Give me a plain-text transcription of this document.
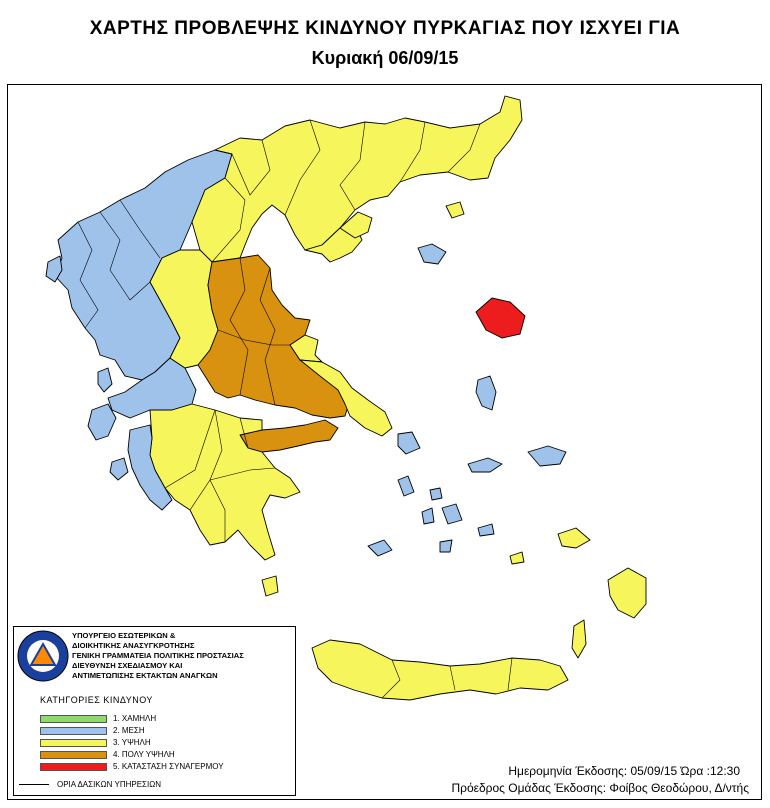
ΧΑΡΤΗΣ ΠΡΟΒΛΕΨΗΣ ΚΙΝΔΥΝΟΥ ΠΥΡΚΑΓΙΑΣ ΠΟΥ ΙΣΧΥΕΙ ΓΙΑ
Κυριακή 06/09/15
ΥΠΟΥΡΓΕΙΟ ΕΣΩΤΕΡΙΚΩΝ &
ΔΙΟΙΚΗΤΙΚΗΣ ΑΝΑΣΥΓΚΡΟΤΗΣΗΣ
ΓΕΝΙΚΗ ΓΡΑΜΜΑΤΕΙΑ ΠΟΛΙΤΙΚΗΣ ΠΡΟΣΤΑΣΙΑΣ
ΔΙΕΥΘΥΝΣΗ ΣΧΕΔΙΑΣΜΟΥ ΚΑΙ
ΑΝΤΙΜΕΤΩΠΙΣΗΣ ΕΚΤΑΚΤΩΝ ΑΝΑΓΚΩΝ
ΚΑΤΗΓΟΡΙΕΣ ΚΙΝΔΥΝΟΥ
1. ΧΑΜΗΛΗ
2. ΜΕΣΗ
3. ΥΨΗΛΗ
4. ΠΟΛΥ ΥΨΗΛΗ
5. ΚΑΤΑΣΤΑΣΗ ΣΥΝΑΓΕΡΜΟΥ
ΟΡΙΑ ΔΑΣΙΚΩΝ ΥΠΗΡΕΣΙΩΝ
Ημερομηνία Έκδοσης: 05/09/15 Ώρα :12:30
Πρόεδρος Ομάδας Έκδοσης: Φοίβος Θεοδώρου, Δ/ντής
